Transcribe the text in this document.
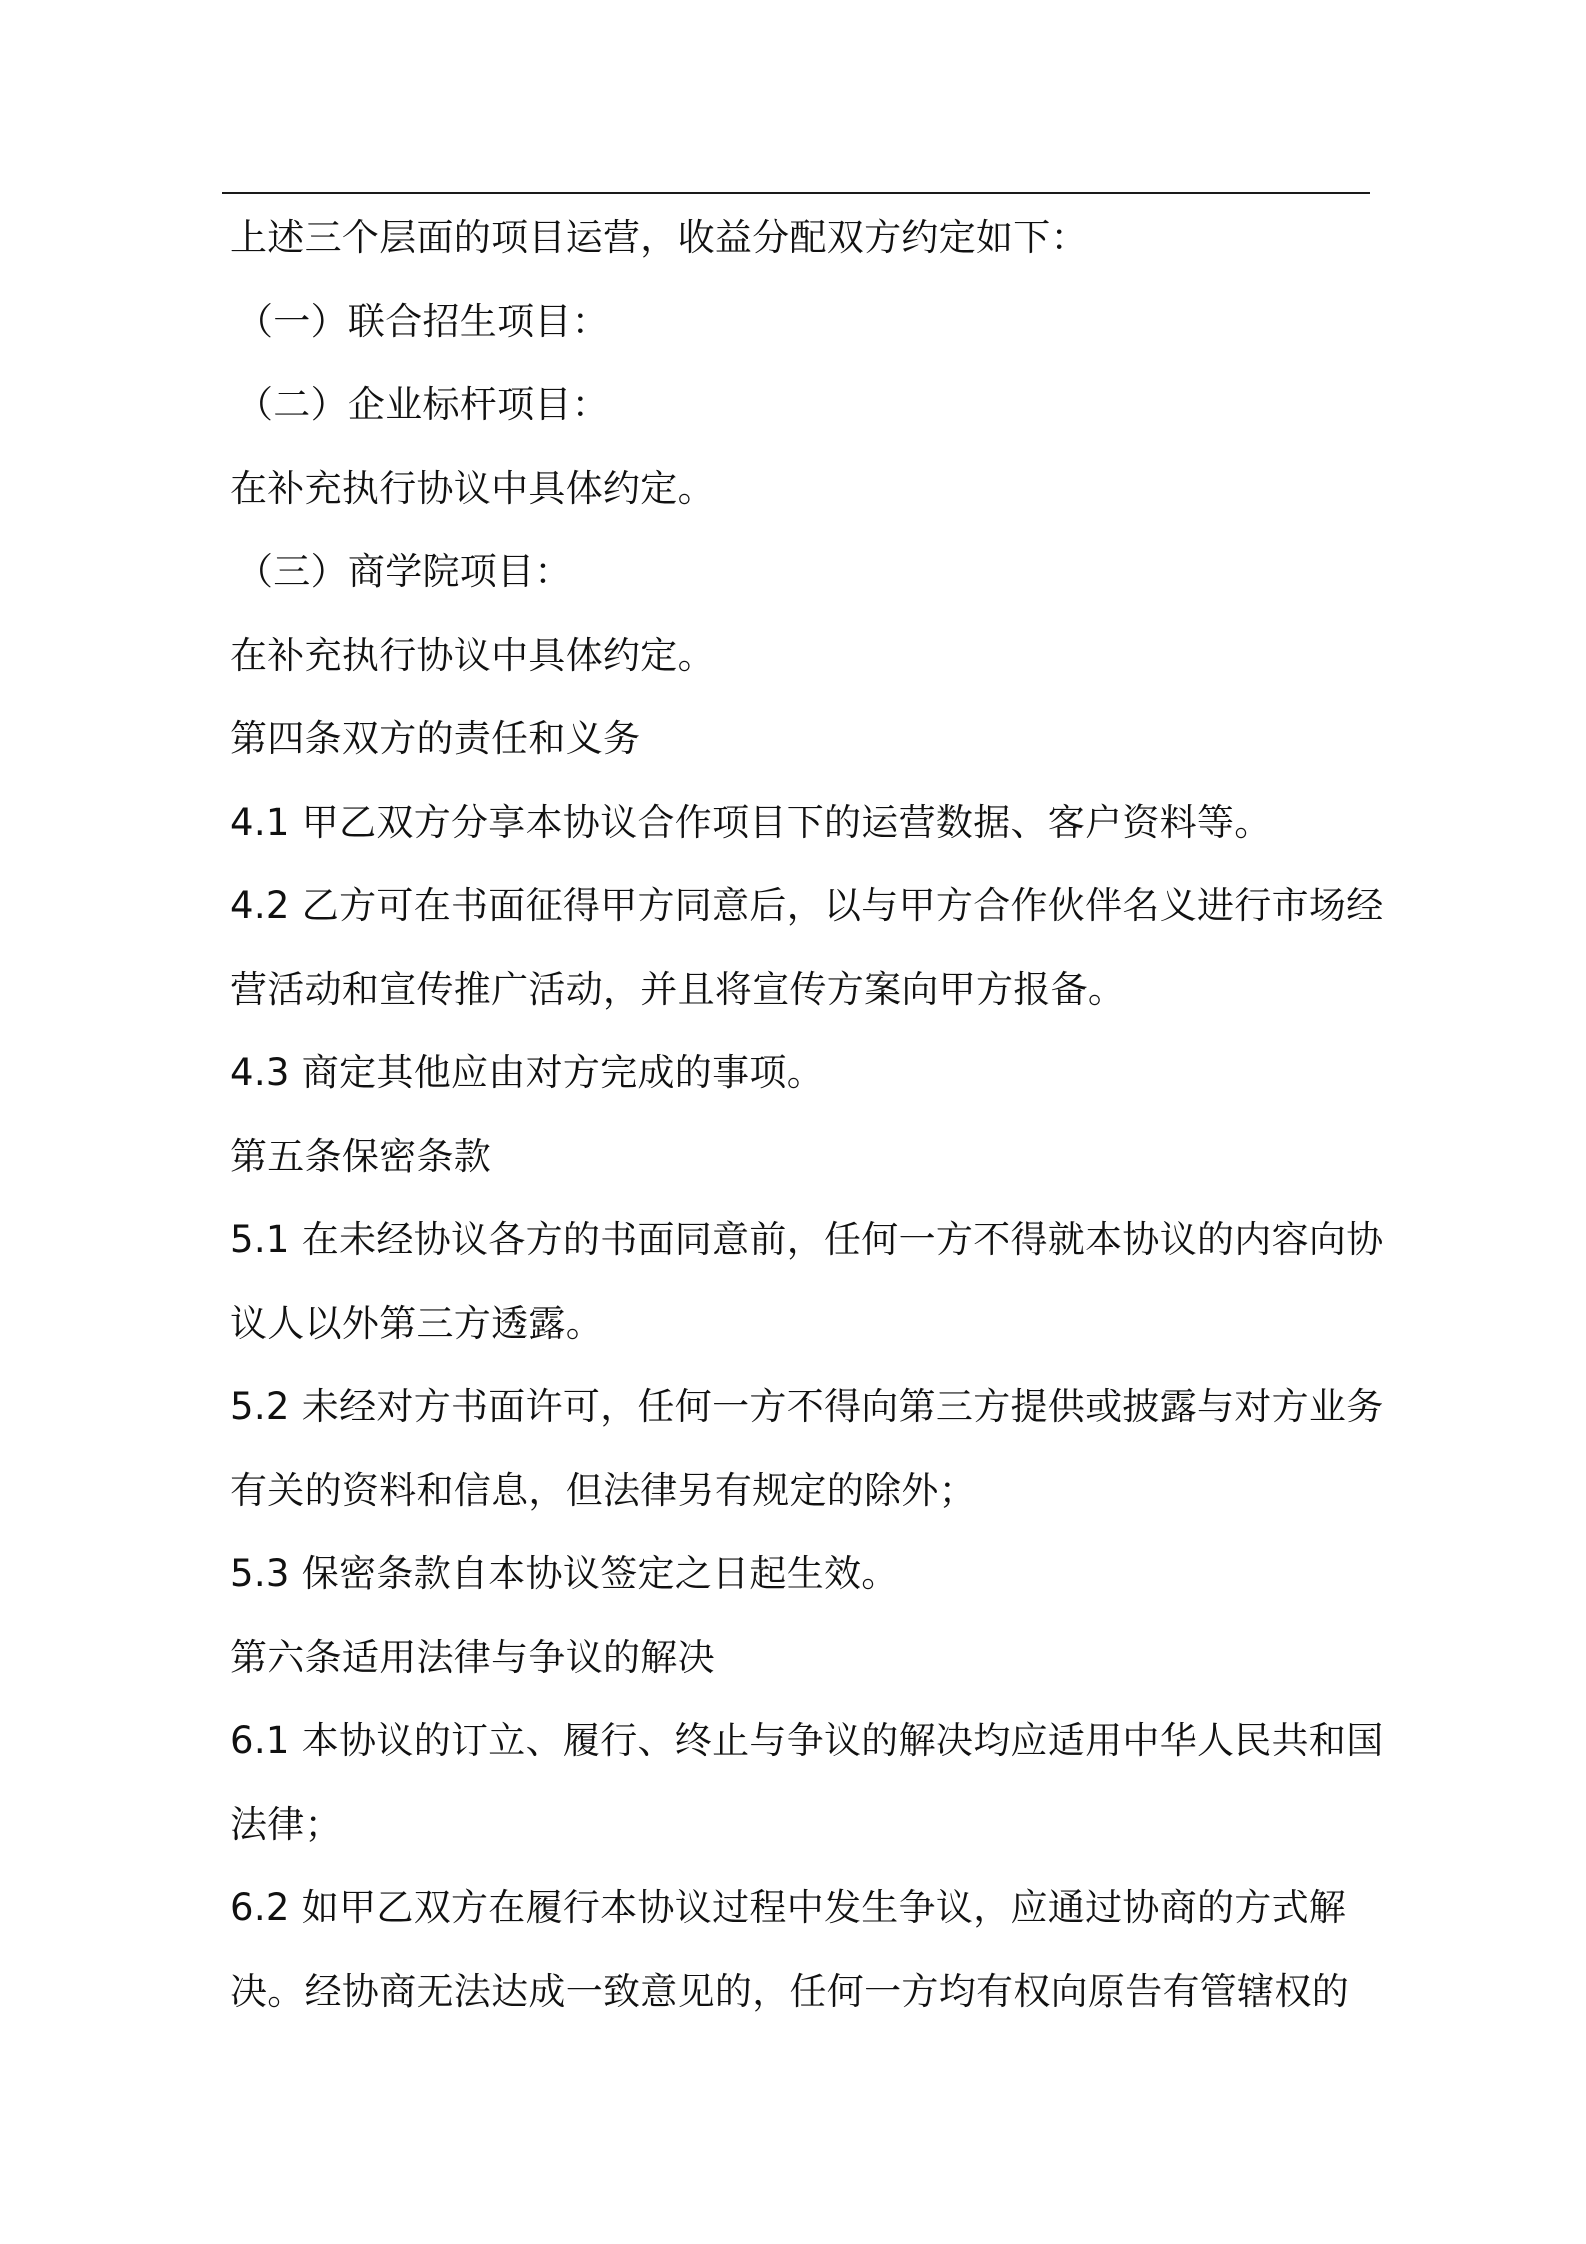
上述三个层面的项目运营，收益分配双方约定如下：

（一）联合招生项目：

（二）企业标杆项目：

在补充执行协议中具体约定。

（三）商学院项目：

在补充执行协议中具体约定。

第四条双方的责任和义务

4.1 甲乙双方分享本协议合作项目下的运营数据、客户资料等。

4.2 乙方可在书面征得甲方同意后，以与甲方合作伙伴名义进行市场经

营活动和宣传推广活动，并且将宣传方案向甲方报备。

4.3 商定其他应由对方完成的事项。

第五条保密条款

5.1 在未经协议各方的书面同意前，任何一方不得就本协议的内容向协

议人以外第三方透露。

5.2 未经对方书面许可，任何一方不得向第三方提供或披露与对方业务

有关的资料和信息，但法律另有规定的除外；

5.3 保密条款自本协议签定之日起生效。

第六条适用法律与争议的解决

6.1 本协议的订立、履行、终止与争议的解决均应适用中华人民共和国

法律；

6.2 如甲乙双方在履行本协议过程中发生争议，应通过协商的方式解

决。经协商无法达成一致意见的，任何一方均有权向原告有管辖权的
